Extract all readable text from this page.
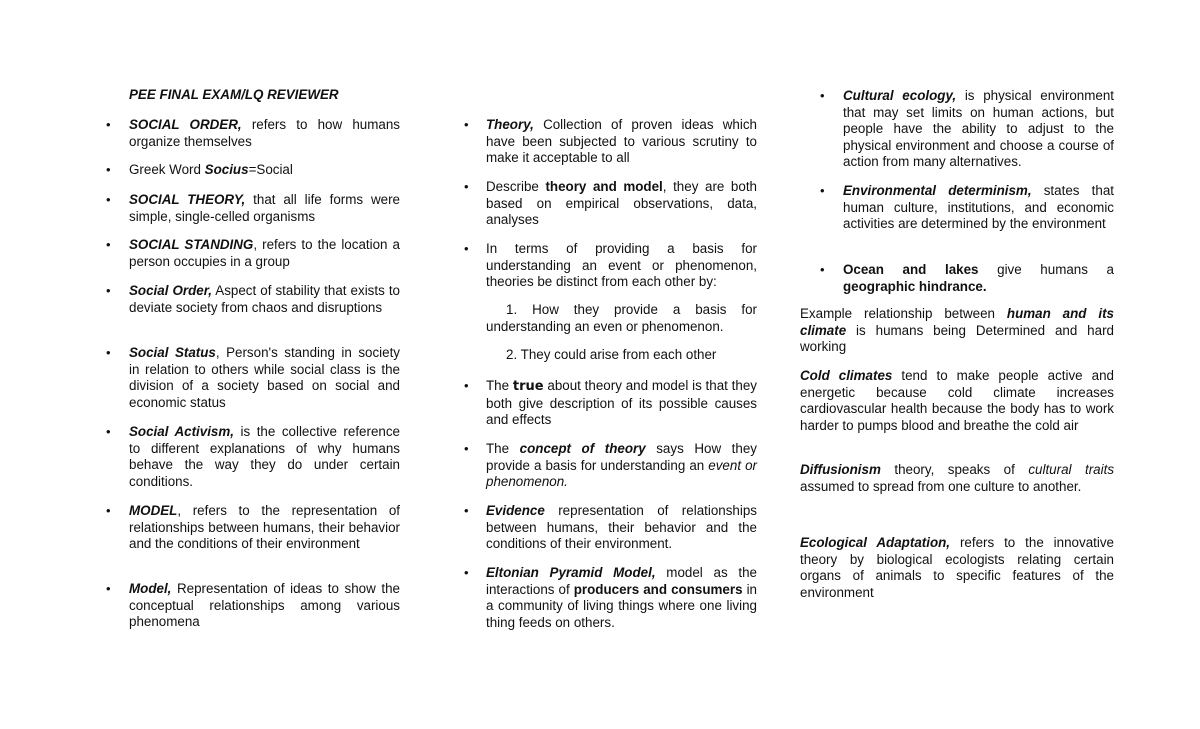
PEE FINAL EXAM/LQ REVIEWER
• SOCIAL ORDER, refers to how humans organize themselves
• Greek Word Socius=Social
• SOCIAL THEORY, that all life forms were simple, single-celled organisms
• SOCIAL STANDING, refers to the location a person occupies in a group
• Social Order, Aspect of stability that exists to deviate society from chaos and disruptions
• Social Status, Person's standing in society in relation to others while social class is the division of a society based on social and economic status
• Social Activism, is the collective reference to different explanations of why humans behave the way they do under certain conditions.
• MODEL, refers to the representation of relationships between humans, their behavior and the conditions of their environment
• Model, Representation of ideas to show the conceptual relationships among various phenomena
• Theory, Collection of proven ideas which have been subjected to various scrutiny to make it acceptable to all
• Describe theory and model, they are both based on empirical observations, data, analyses
• In terms of providing a basis for understanding an event or phenomenon, theories be distinct from each other by:
1. How they provide a basis for understanding an even or phenomenon.
2. They could arise from each other
• The true about theory and model is that they both give description of its possible causes and effects
• The concept of theory says How they provide a basis for understanding an event or phenomenon.
• Evidence representation of relationships between humans, their behavior and the conditions of their environment.
• Eltonian Pyramid Model, model as the interactions of producers and consumers in a community of living things where one living thing feeds on others.
• Cultural ecology, is physical environment that may set limits on human actions, but people have the ability to adjust to the physical environment and choose a course of action from many alternatives.
• Environmental determinism, states that human culture, institutions, and economic activities are determined by the environment
• Ocean and lakes give humans a geographic hindrance.
Example relationship between human and its climate is humans being Determined and hard working
Cold climates tend to make people active and energetic because cold climate increases cardiovascular health because the body has to work harder to pumps blood and breathe the cold air
Diffusionism theory, speaks of cultural traits assumed to spread from one culture to another.
Ecological Adaptation, refers to the innovative theory by biological ecologists relating certain organs of animals to specific features of the environment
